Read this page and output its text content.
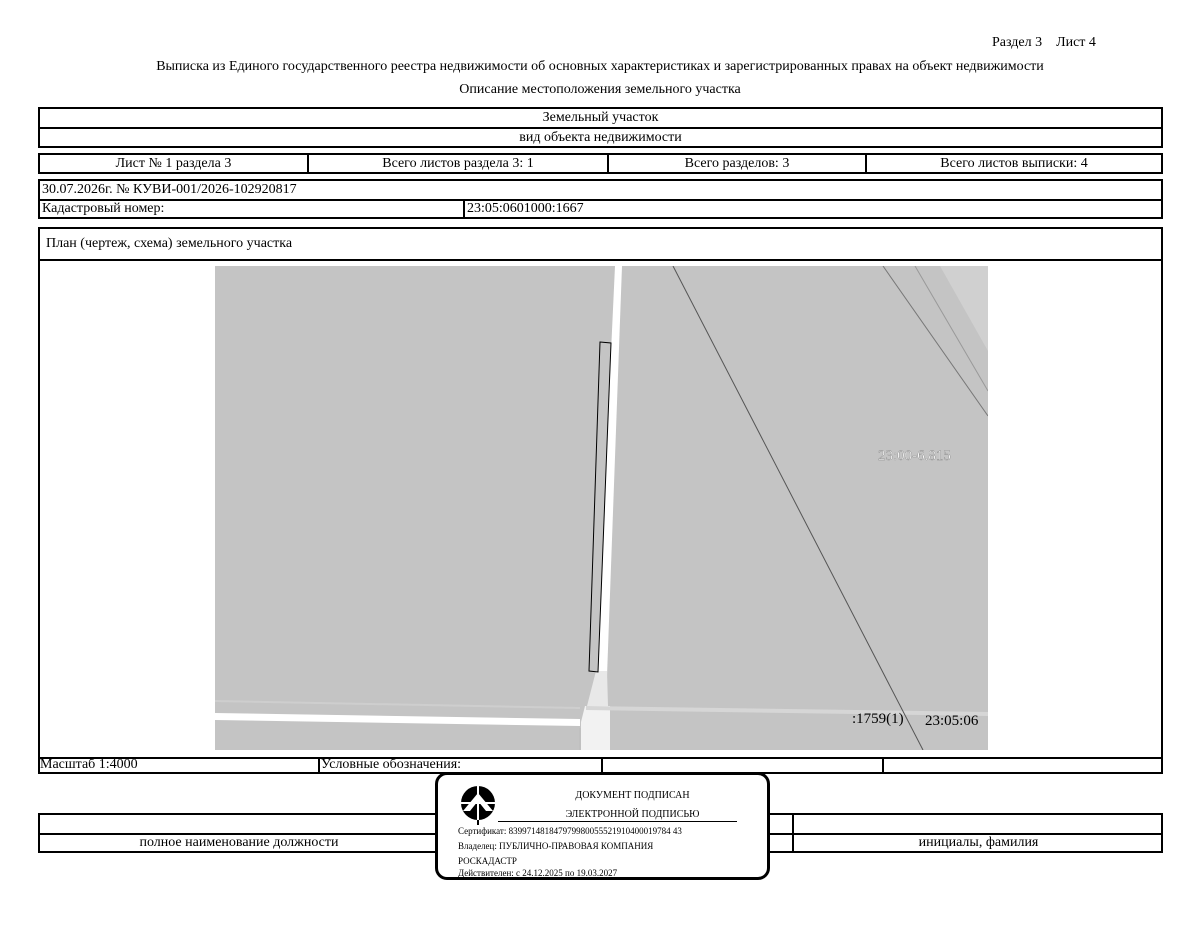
Раздел 3    Лист 4
Выписка из Единого государственного реестра недвижимости об основных характеристиках и зарегистрированных правах на объект недвижимости
Описание местоположения земельного участка
Земельный участок
вид объекта недвижимости
Лист № 1 раздела 3	Всего листов раздела 3: 1	Всего разделов: 3	Всего листов выписки: 4
30.07.2026г. № КУВИ-001/2026-102920817
Кадастровый номер:	23:05:0601000:1667
План (чертеж, схема) земельного участка
23:00-6.815
:1759(1) 23:05:06
Масштаб 1:4000	Условные обозначения:
полное наименование должности	инициалы, фамилия
ДОКУМЕНТ ПОДПИСАН
ЭЛЕКТРОННОЙ ПОДПИСЬЮ
Сертификат: 839971481847979980055521910400019784 43
Владелец: ПУБЛИЧНО-ПРАВОВАЯ КОМПАНИЯ
РОСКАДАСТР
Действителен: с 24.12.2025 по 19.03.2027
